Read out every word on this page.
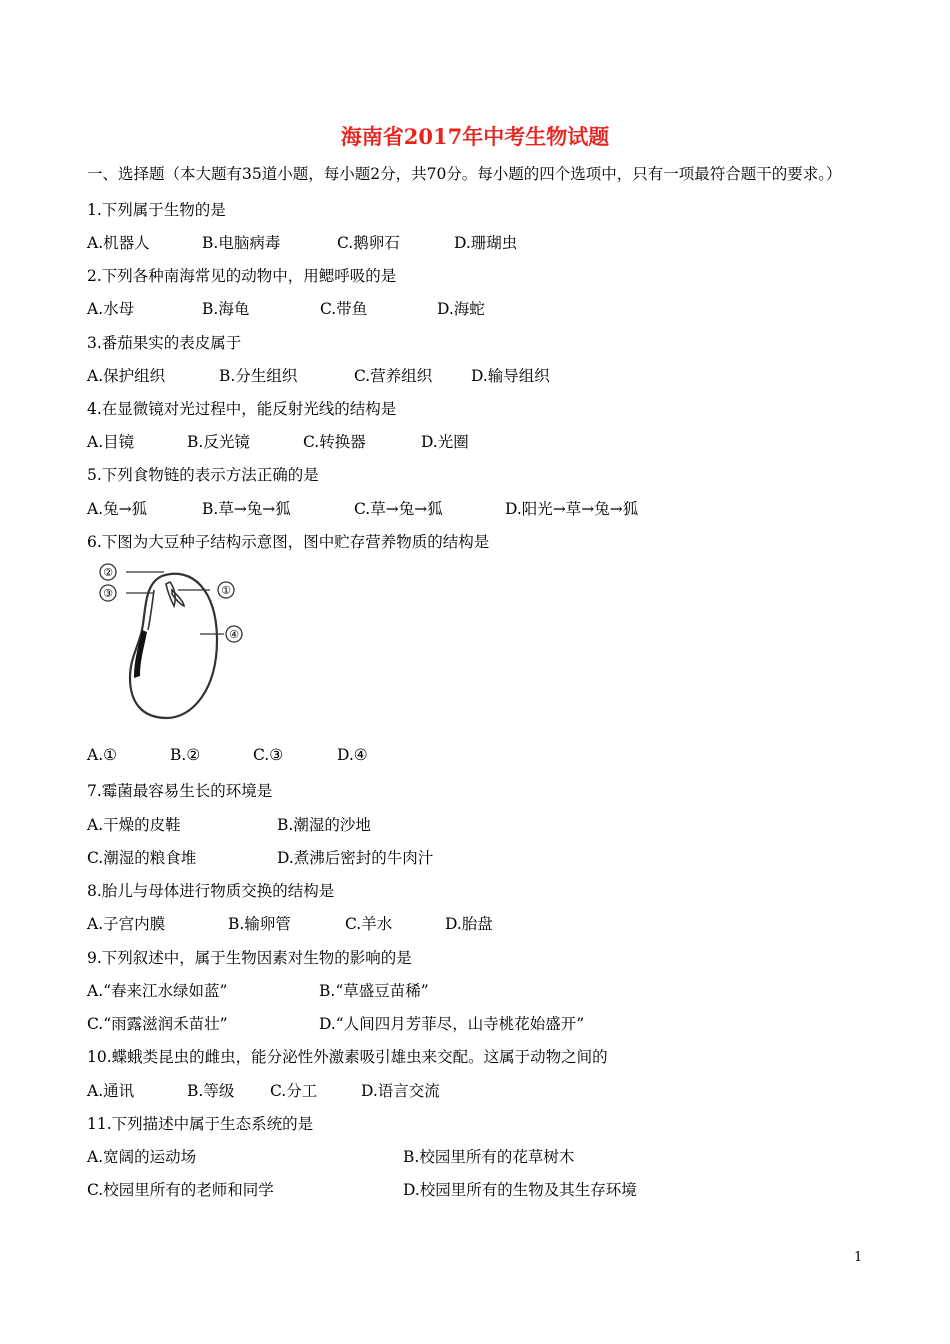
海南省2017年中考生物试题
一、选择题（本大题有35道小题，每小题2分，共70分。每小题的四个选项中，只有一项最符合题干的要求。）
1.下列属于生物的是
A.机器人	B.电脑病毒	C.鹅卵石	D.珊瑚虫
2.下列各种南海常见的动物中，用鳃呼吸的是
A.水母	B.海龟	C.带鱼	D.海蛇
3.番茄果实的表皮属于
A.保护组织	B.分生组织	C.营养组织	D.输导组织
4.在显微镜对光过程中，能反射光线的结构是
A.目镜	B.反光镜	C.转换器	D.光圈
5.下列食物链的表示方法正确的是
A.兔→狐	B.草→兔→狐	C.草→兔→狐	D.阳光→草→兔→狐
6.下图为大豆种子结构示意图，图中贮存营养物质的结构是
②
③	①
④
A.①	B.②	C.③	D.④
7.霉菌最容易生长的环境是
A.干燥的皮鞋	B.潮湿的沙地
C.潮湿的粮食堆	D.煮沸后密封的牛肉汁
8.胎儿与母体进行物质交换的结构是
A.子宫内膜	B.输卵管	C.羊水	D.胎盘
9.下列叙述中，属于生物因素对生物的影响的是
A.“春来江水绿如蓝”	B.“草盛豆苗稀”
C.“雨露滋润禾苗壮”	D.“人间四月芳菲尽，山寺桃花始盛开”
10.蝶蛾类昆虫的雌虫，能分泌性外激素吸引雄虫来交配。这属于动物之间的
A.通讯	B.等级 C.分工	D.语言交流
11.下列描述中属于生态系统的是
A.宽阔的运动场	B.校园里所有的花草树木
C.校园里所有的老师和同学	D.校园里所有的生物及其生存环境
1
